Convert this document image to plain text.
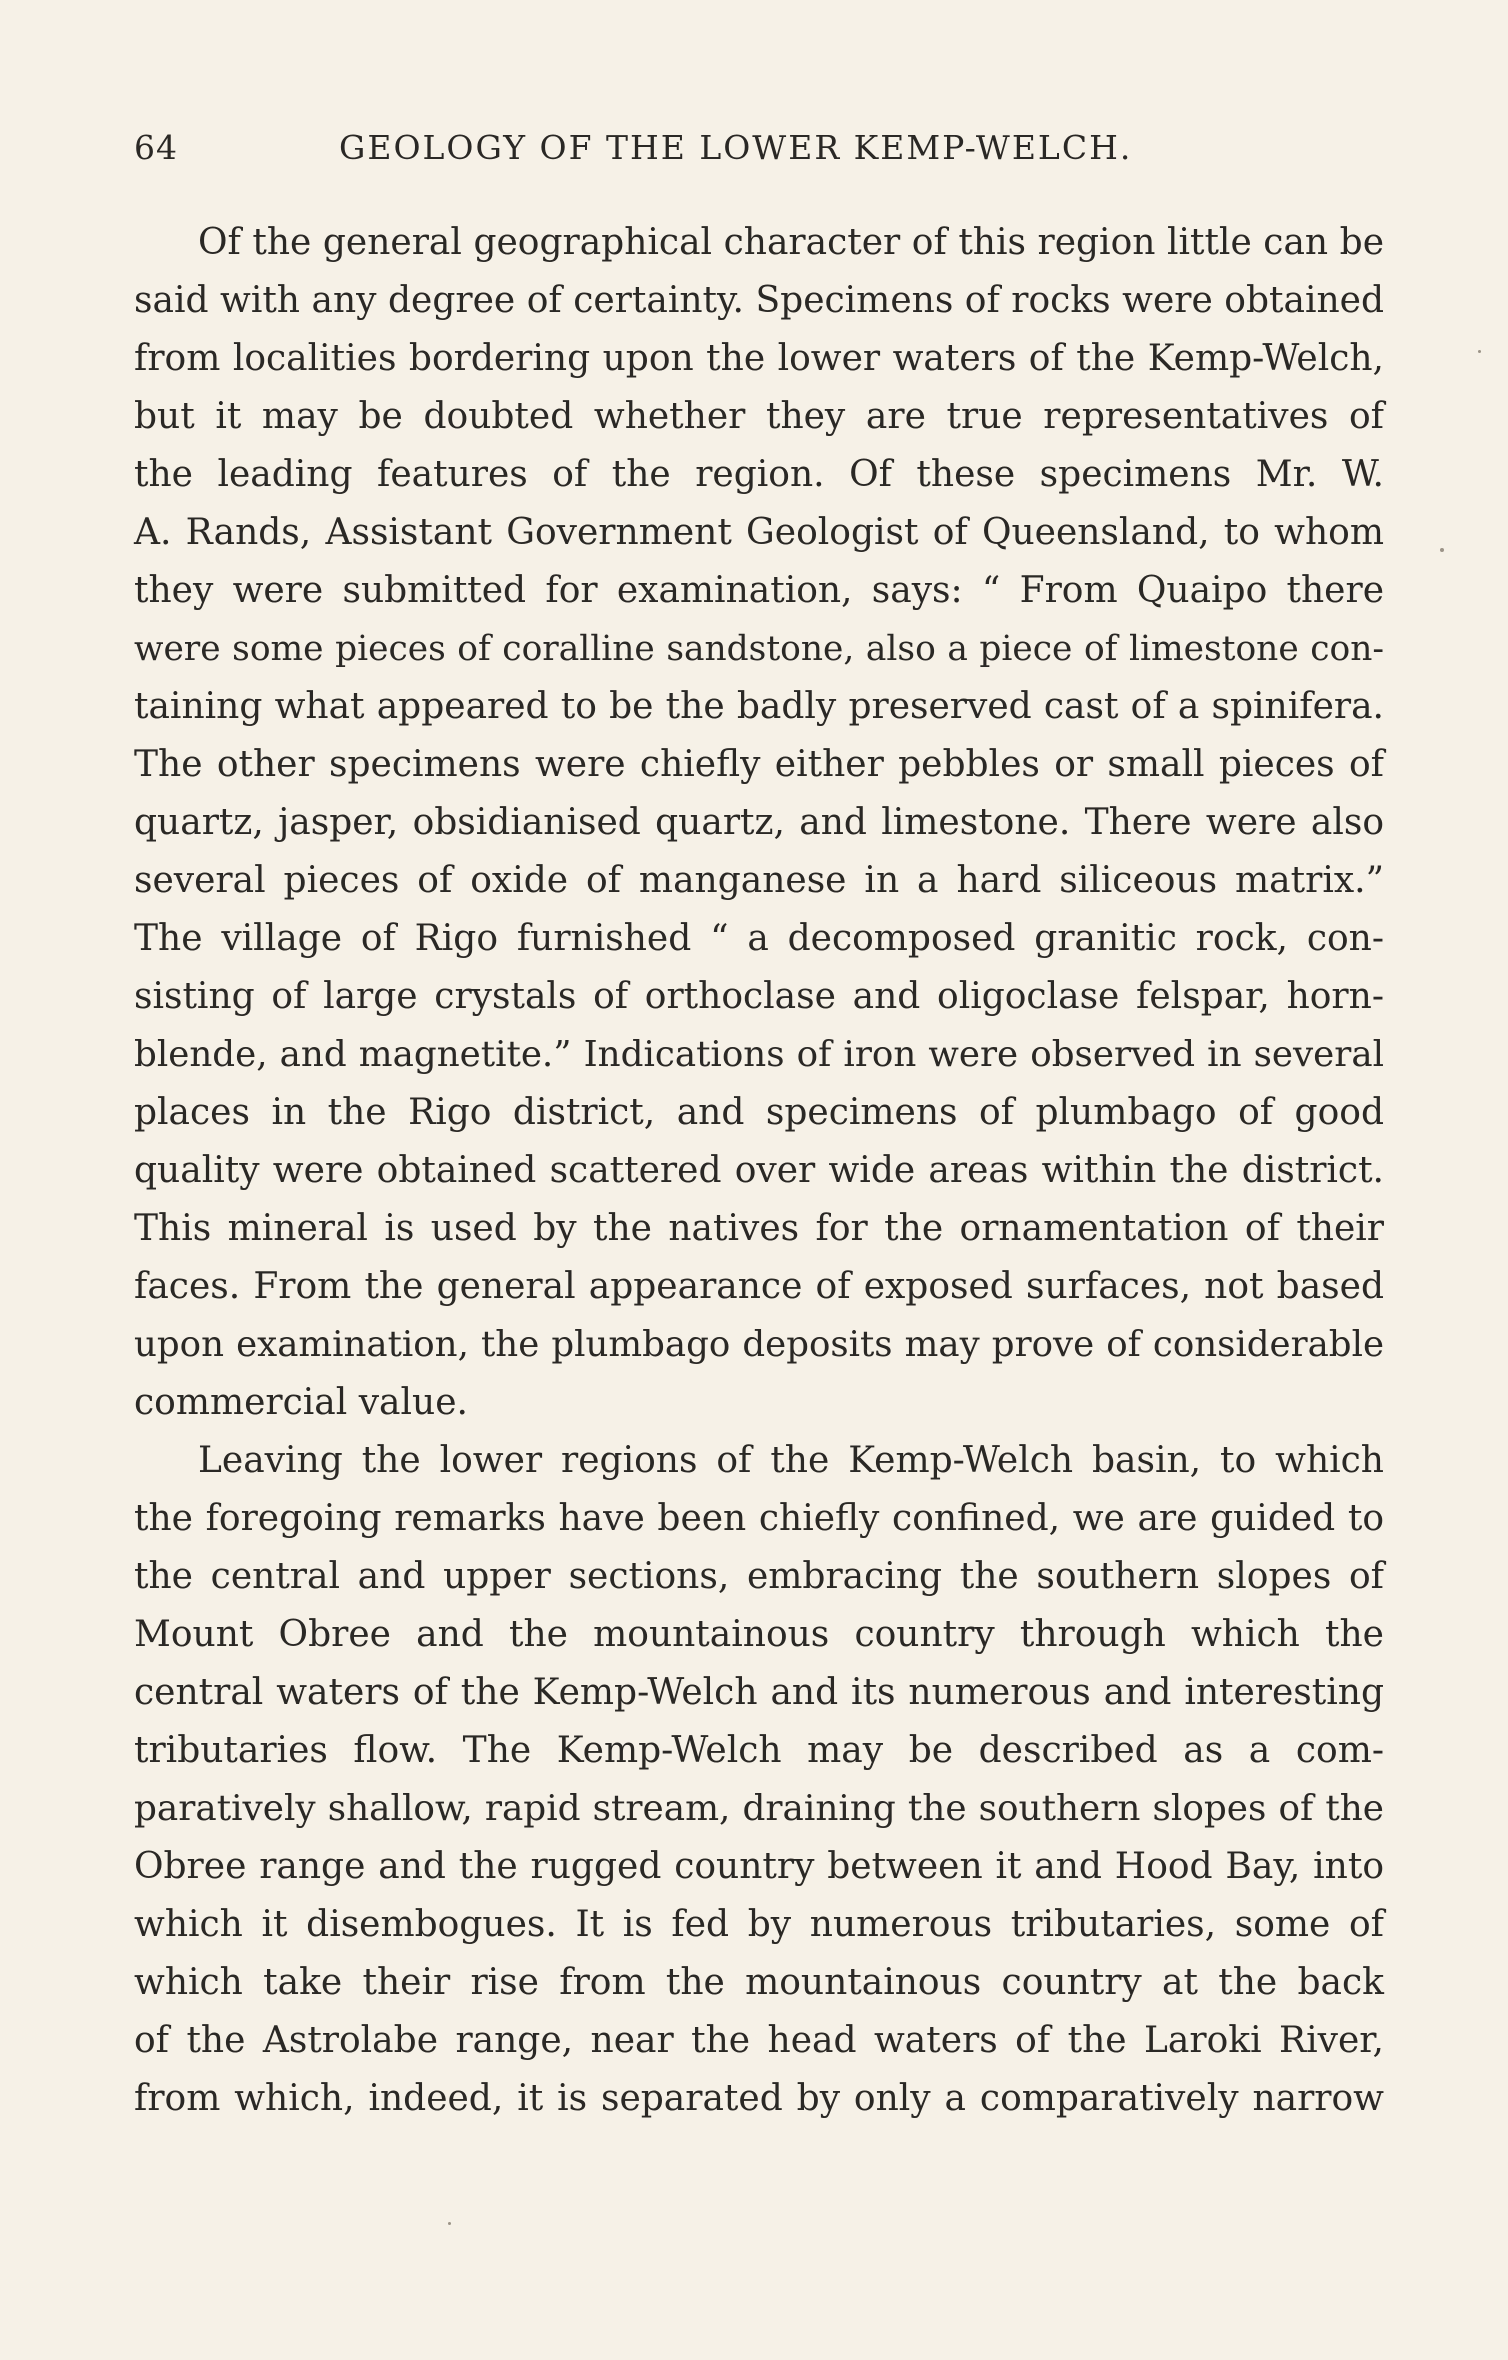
64	GEOLOGY OF THE LOWER KEMP-WELCH.
Of the general geographical character of this region little can be
said with any degree of certainty. Specimens of rocks were obtained
from localities bordering upon the lower waters of the Kemp-Welch,
but it may be doubted whether they are true representatives of
the leading features of the region. Of these specimens Mr. W.
A. Rands, Assistant Government Geologist of Queensland, to whom
they were submitted for examination, says: “ From Quaipo there
were some pieces of coralline sandstone, also a piece of limestone con-
taining what appeared to be the badly preserved cast of a spinifera.
The other specimens were chiefly either pebbles or small pieces of
quartz, jasper, obsidianised quartz, and limestone. There were also
several pieces of oxide of manganese in a hard siliceous matrix.”
The village of Rigo furnished “ a decomposed granitic rock, con-
sisting of large crystals of orthoclase and oligoclase felspar, horn-
blende, and magnetite.” Indications of iron were observed in several
places in the Rigo district, and specimens of plumbago of good
quality were obtained scattered over wide areas within the district.
This mineral is used by the natives for the ornamentation of their
faces. From the general appearance of exposed surfaces, not based
upon examination, the plumbago deposits may prove of considerable
commercial value.
Leaving the lower regions of the Kemp-Welch basin, to which
the foregoing remarks have been chiefly confined, we are guided to
the central and upper sections, embracing the southern slopes of
Mount Obree and the mountainous country through which the
central waters of the Kemp-Welch and its numerous and interesting
tributaries flow. The Kemp-Welch may be described as a com-
paratively shallow, rapid stream, draining the southern slopes of the
Obree range and the rugged country between it and Hood Bay, into
which it disembogues. It is fed by numerous tributaries, some of
which take their rise from the mountainous country at the back
of the Astrolabe range, near the head waters of the Laroki River,
from which, indeed, it is separated by only a comparatively narrow
